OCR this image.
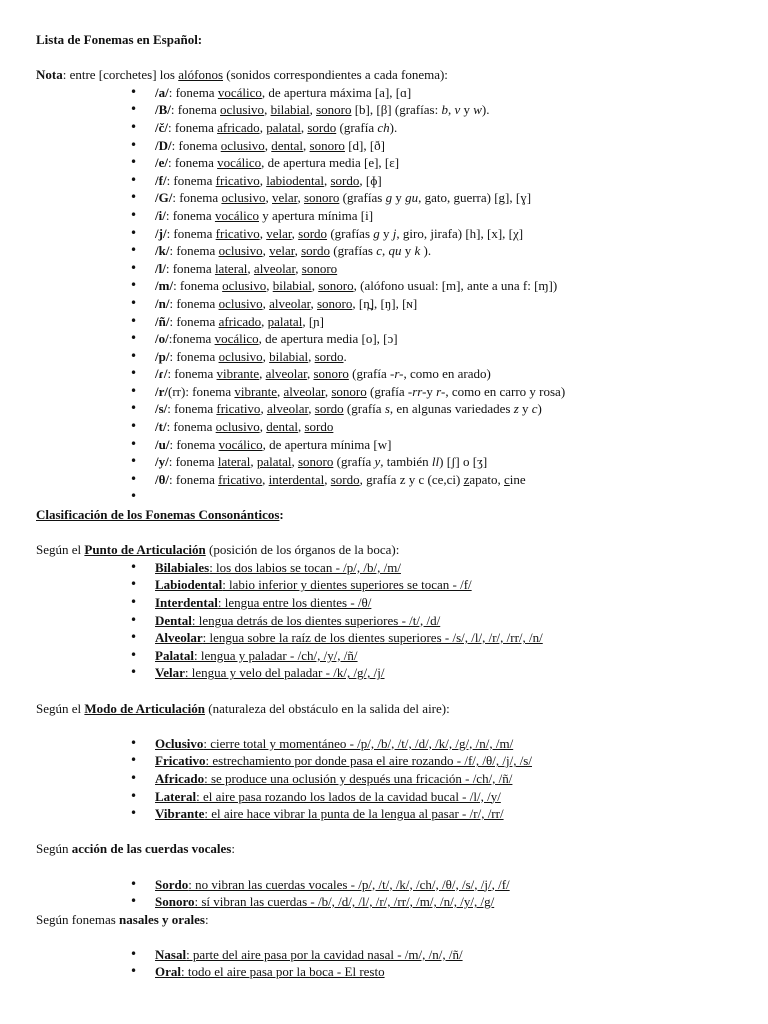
Lista de Fonemas en Español:
Nota: entre [corchetes] los alófonos (sonidos correspondientes a cada fonema):
• /a/: fonema vocálico, de apertura máxima [a], [ɑ]
• /B/: fonema oclusivo, bilabial, sonoro [b], [β] (grafías: b, v y w).
• /č/: fonema africado, palatal, sordo (grafía ch).
• /D/: fonema oclusivo, dental, sonoro [d], [ð]
• /e/: fonema vocálico, de apertura media [e], [ɛ]
• /f/: fonema fricativo, labiodental, sordo, [ɸ]
• /G/: fonema oclusivo, velar, sonoro (grafías g y gu, gato, guerra) [g], [ɣ]
• /i/: fonema vocálico y apertura mínima [i]
• /j/: fonema fricativo, velar, sordo (grafías g y j, giro, jirafa) [h], [x], [χ]
• /k/: fonema oclusivo, velar, sordo (grafías c, qu y k ).
• /l/: fonema lateral, alveolar, sonoro
• /m/: fonema oclusivo, bilabial, sonoro, (alófono usual: [m], ante a una f: [ɱ])
• /n/: fonema oclusivo, alveolar, sonoro, [n̪], [ŋ], [ɴ]
• /ñ/: fonema africado, palatal, [ɲ]
• /o/:fonema vocálico, de apertura media [o], [ɔ]
• /p/: fonema oclusivo, bilabial, sordo.
• /ɾ/: fonema vibrante, alveolar, sonoro (grafía -r-, como en arado)
• /r/(rr): fonema vibrante, alveolar, sonoro (grafía -rr-y r-, como en carro y rosa)
• /s/: fonema fricativo, alveolar, sordo (grafía s, en algunas variedades z y c)
• /t/: fonema oclusivo, dental, sordo
• /u/: fonema vocálico, de apertura mínima [w]
• /y/: fonema lateral, palatal, sonoro (grafía y, también ll) [ʃ] o [ʒ]
• /θ/: fonema fricativo, interdental, sordo, grafía z y c (ce,ci) zapato, cine
•
Clasificación de los Fonemas Consonánticos:
Según el Punto de Articulación (posición de los órganos de la boca):
• Bilabiales: los dos labios se tocan - /p/, /b/, /m/
• Labiodental: labio inferior y dientes superiores se tocan - /f/
• Interdental: lengua entre los dientes - /θ/
• Dental: lengua detrás de los dientes superiores - /t/, /d/
• Alveolar: lengua sobre la raíz de los dientes superiores - /s/, /l/, /r/, /rr/, /n/
• Palatal: lengua y paladar - /ch/, /y/, /ñ/
• Velar: lengua y velo del paladar - /k/, /g/, /j/
Según el Modo de Articulación (naturaleza del obstáculo en la salida del aire):
• Oclusivo: cierre total y momentáneo - /p/, /b/, /t/, /d/, /k/, /g/, /n/, /m/
• Fricativo: estrechamiento por donde pasa el aire rozando - /f/, /θ/, /j/, /s/
• Africado: se produce una oclusión y después una fricación - /ch/, /ñ/
• Lateral: el aire pasa rozando los lados de la cavidad bucal - /l/, /y/
• Vibrante: el aire hace vibrar la punta de la lengua al pasar - /r/, /rr/
Según acción de las cuerdas vocales:
• Sordo: no vibran las cuerdas vocales - /p/, /t/, /k/, /ch/, /θ/, /s/, /j/, /f/
• Sonoro: sí vibran las cuerdas - /b/, /d/, /l/, /r/, /rr/, /m/, /n/, /y/, /g/
Según fonemas nasales y orales:
• Nasal: parte del aire pasa por la cavidad nasal - /m/, /n/, /ñ/
• Oral: todo el aire pasa por la boca - El resto
